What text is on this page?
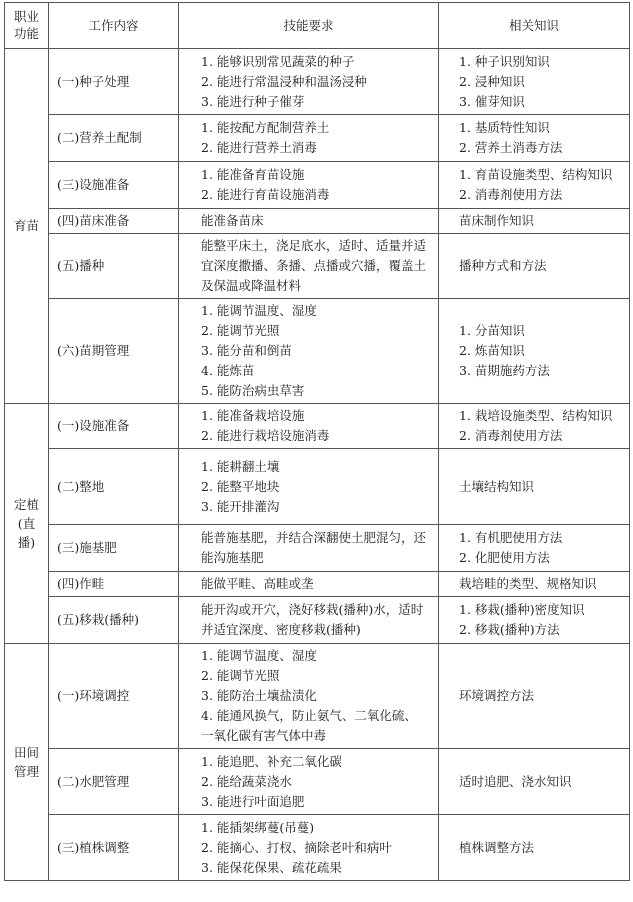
职业功能	工作内容	技能要求	相关知识
育苗	(一)种子处理	1. 能够识别常见蔬菜的种子
2. 能进行常温浸种和温汤浸种
3. 能进行种子催芽	1. 种子识别知识
2. 浸种知识
3. 催芽知识

	(二)营养土配制	1. 能按配方配制营养土
2. 能进行营养土消毒	1. 基质特性知识
2. 营养土消毒方法

	(三)设施准备	1. 能准备育苗设施
2. 能进行育苗设施消毒	1. 育苗设施类型、结构知识
2. 消毒剂使用方法

	(四)苗床准备	能准备苗床	苗床制作知识

	(五)播种	能整平床土，浇足底水，适时、适量并适宜深度撒播、条播、点播或穴播，覆盖土及保温或降温材料	播种方式和方法

	(六)苗期管理	1. 能调节温度、湿度
2. 能调节光照
3. 能分苗和倒苗
4. 能炼苗
5. 能防治病虫草害	1. 分苗知识
2. 炼苗知识
3. 苗期施药方法

定植(直播)	(一)设施准备	1. 能准备栽培设施
2. 能进行栽培设施消毒	1. 栽培设施类型、结构知识
2. 消毒剂使用方法

	(二)整地	1. 能耕翻土壤
2. 能整平地块
3. 能开排灌沟	土壤结构知识

	(三)施基肥	能普施基肥，并结合深翻使土肥混匀，还能沟施基肥	1. 有机肥使用方法
2. 化肥使用方法

	(四)作畦	能做平畦、高畦或垄	栽培畦的类型、规格知识

	(五)移栽(播种)	能开沟或开穴，浇好移栽(播种)水，适时并适宜深度、密度移栽(播种)	1. 移栽(播种)密度知识
2. 移栽(播种)方法

田间管理	(一)环境调控	1. 能调节温度、湿度
2. 能调节光照
3. 能防治土壤盐渍化
4. 能通风换气，防止氨气、二氧化硫、一氧化碳有害气体中毒	环境调控方法

	(二)水肥管理	1. 能追肥、补充二氧化碳
2. 能给蔬菜浇水
3. 能进行叶面追肥	适时追肥、浇水知识

	(三)植株调整	1. 能插架绑蔓(吊蔓)
2. 能摘心、打杈、摘除老叶和病叶
3. 能保花保果、疏花疏果	植株调整方法
